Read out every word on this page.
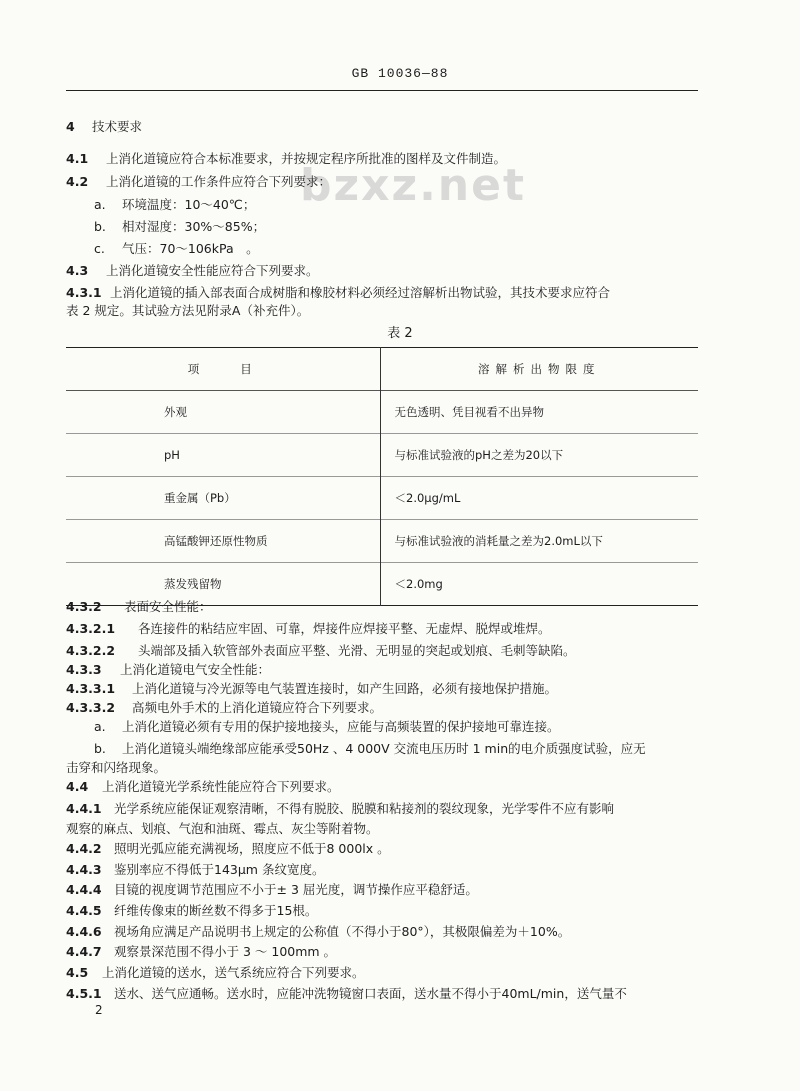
GB 10036—88
bzxz.net
4 技术要求
4.1 上消化道镜应符合本标准要求，并按规定程序所批准的图样及文件制造。
4.2 上消化道镜的工作条件应符合下列要求：
a. 环境温度：10～40℃；
b. 相对湿度：30%～85%；
c. 气压：70～106kPa　。
4.3 上消化道镜安全性能应符合下列要求。
4.3.1 上消化道镜的插入部表面合成树脂和橡胶材料必须经过溶解析出物试验，其技术要求应符合
表 2 规定。其试验方法见附录A（补充件）。
表 2
项　　目	溶解析出物限度
外观	无色透明、凭目视看不出异物
pH	与标准试验液的pH之差为20以下
重金属（Pb）	＜2.0μg/mL
高锰酸钾还原性物质	与标准试验液的消耗量之差为2.0mL以下
蒸发残留物	＜2.0mg
4.3.2 表面安全性能：
4.3.2.1 各连接件的粘结应牢固、可靠，焊接件应焊接平整、无虚焊、脱焊或堆焊。
4.3.2.2 头端部及插入软管部外表面应平整、光滑、无明显的突起或划痕、毛刺等缺陷。
4.3.3 上消化道镜电气安全性能：
4.3.3.1 上消化道镜与冷光源等电气装置连接时，如产生回路，必须有接地保护措施。
4.3.3.2 高频电外手术的上消化道镜应符合下列要求。
a. 上消化道镜必须有专用的保护接地接头，应能与高频装置的保护接地可靠连接。
b. 上消化道镜头端绝缘部应能承受50Hz 、4 000V 交流电压历时 1 min的电介质强度试验，应无
击穿和闪络现象。
4.4 上消化道镜光学系统性能应符合下列要求。
4.4.1 光学系统应能保证观察清晰，不得有脱胶、脱膜和粘接剂的裂纹现象，光学零件不应有影响
观察的麻点、划痕、气泡和油斑、霉点、灰尘等附着物。
4.4.2 照明光弧应能充满视场，照度应不低于8 000lx 。
4.4.3 鉴别率应不得低于143μm 条纹宽度。
4.4.4 目镜的视度调节范围应不小于± 3 屈光度，调节操作应平稳舒适。
4.4.5 纤维传像束的断丝数不得多于15根。
4.4.6 视场角应满足产品说明书上规定的公称值（不得小于80°），其极限偏差为＋10%。
4.4.7 观察景深范围不得小于 3 ～ 100mm 。
4.5 上消化道镜的送水，送气系统应符合下列要求。
4.5.1 送水、送气应通畅。送水时，应能冲洗物镜窗口表面，送水量不得小于40mL/min，送气量不
2
